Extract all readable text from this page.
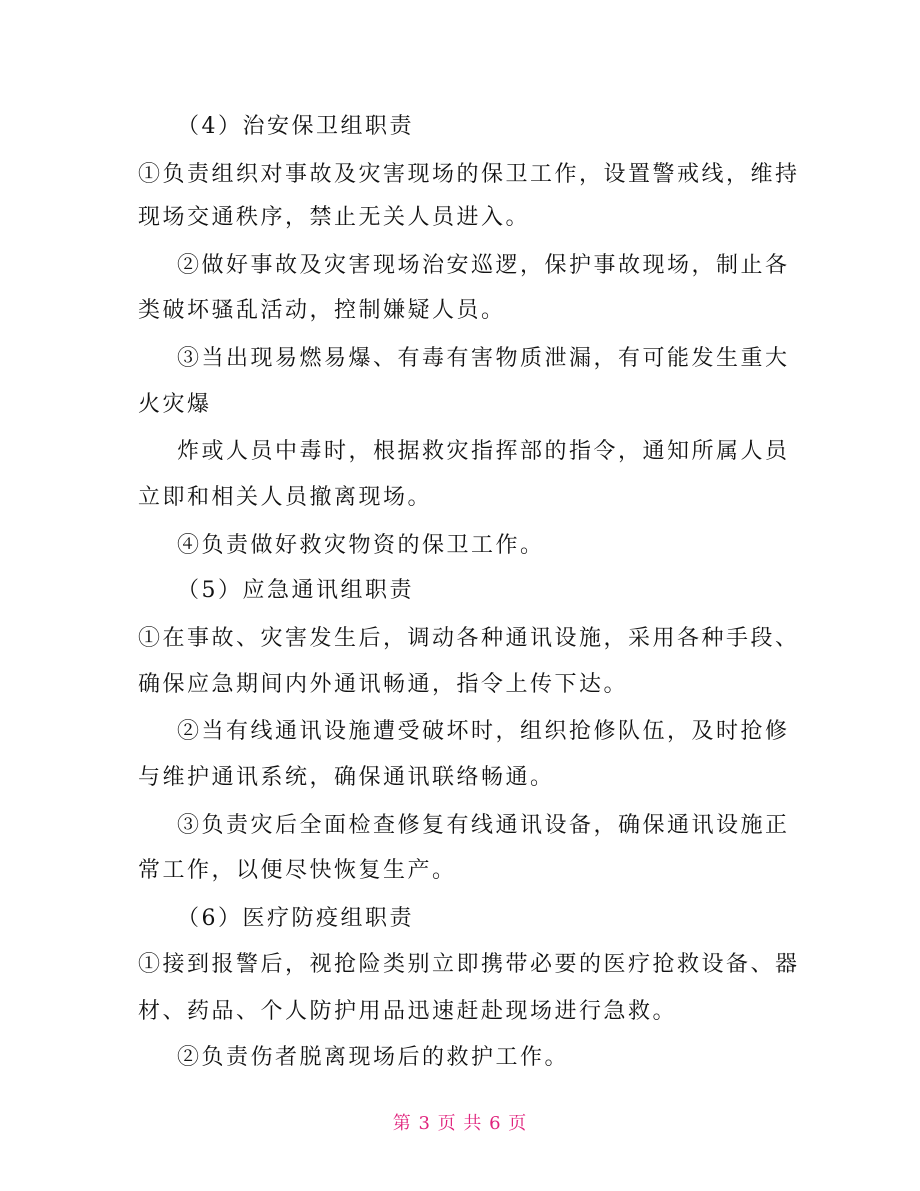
（4）治安保卫组职责
①负责组织对事故及灾害现场的保卫工作，设置警戒线，维持
现场交通秩序，禁止无关人员进入。
②做好事故及灾害现场治安巡逻，保护事故现场，制止各
类破坏骚乱活动，控制嫌疑人员。
③当出现易燃易爆、有毒有害物质泄漏，有可能发生重大
火灾爆
炸或人员中毒时，根据救灾指挥部的指令，通知所属人员
立即和相关人员撤离现场。
④负责做好救灾物资的保卫工作。
（5）应急通讯组职责
①在事故、灾害发生后，调动各种通讯设施，采用各种手段、
确保应急期间内外通讯畅通，指令上传下达。
②当有线通讯设施遭受破坏时，组织抢修队伍，及时抢修
与维护通讯系统，确保通讯联络畅通。
③负责灾后全面检查修复有线通讯设备，确保通讯设施正
常工作，以便尽快恢复生产。
（6）医疗防疫组职责
①接到报警后，视抢险类别立即携带必要的医疗抢救设备、器
材、药品、个人防护用品迅速赶赴现场进行急救。
②负责伤者脱离现场后的救护工作。
第 3 页 共 6 页
